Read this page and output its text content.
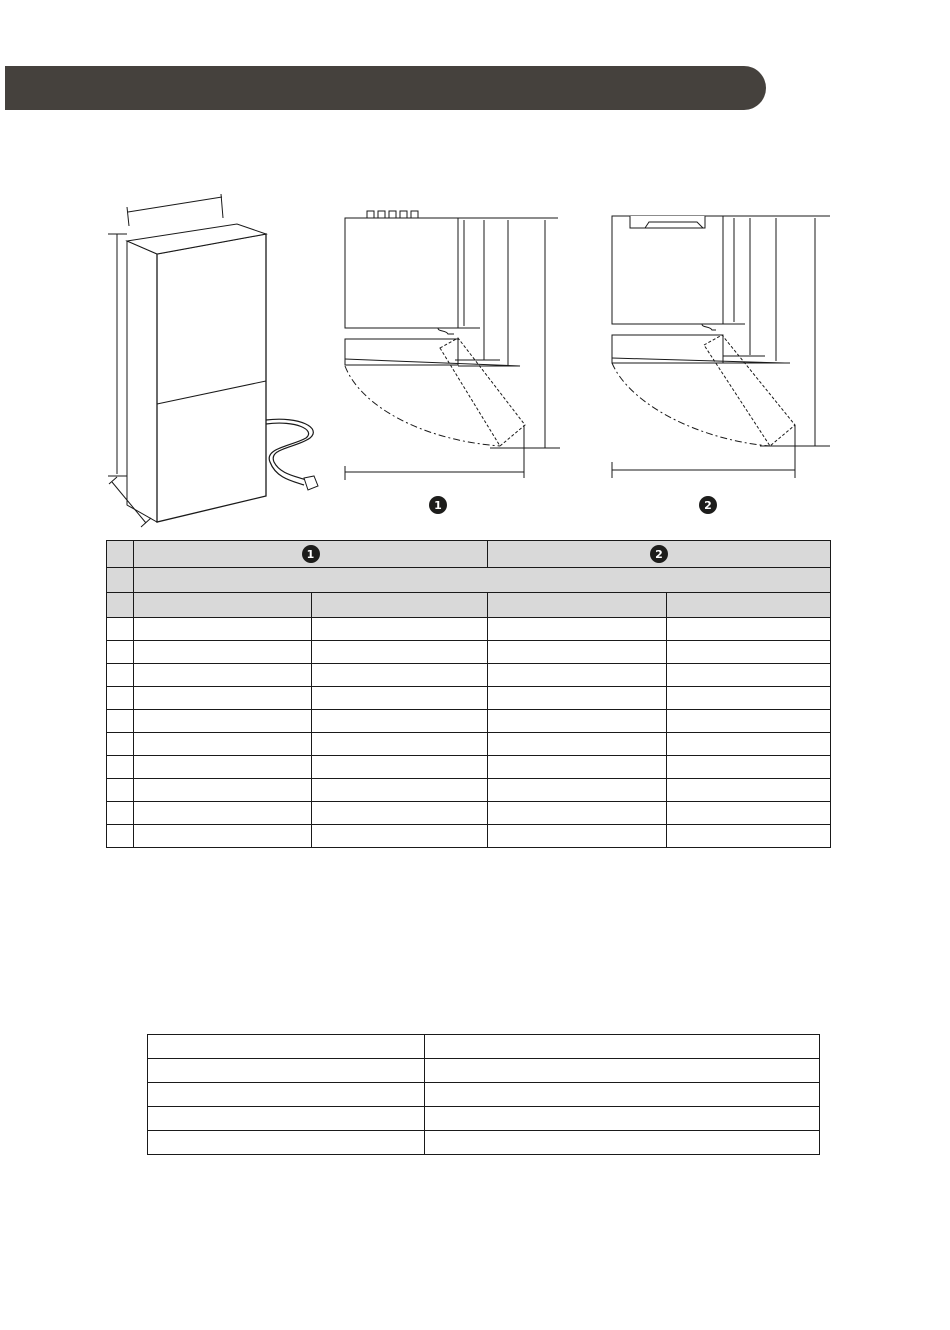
1	2

1		2	
